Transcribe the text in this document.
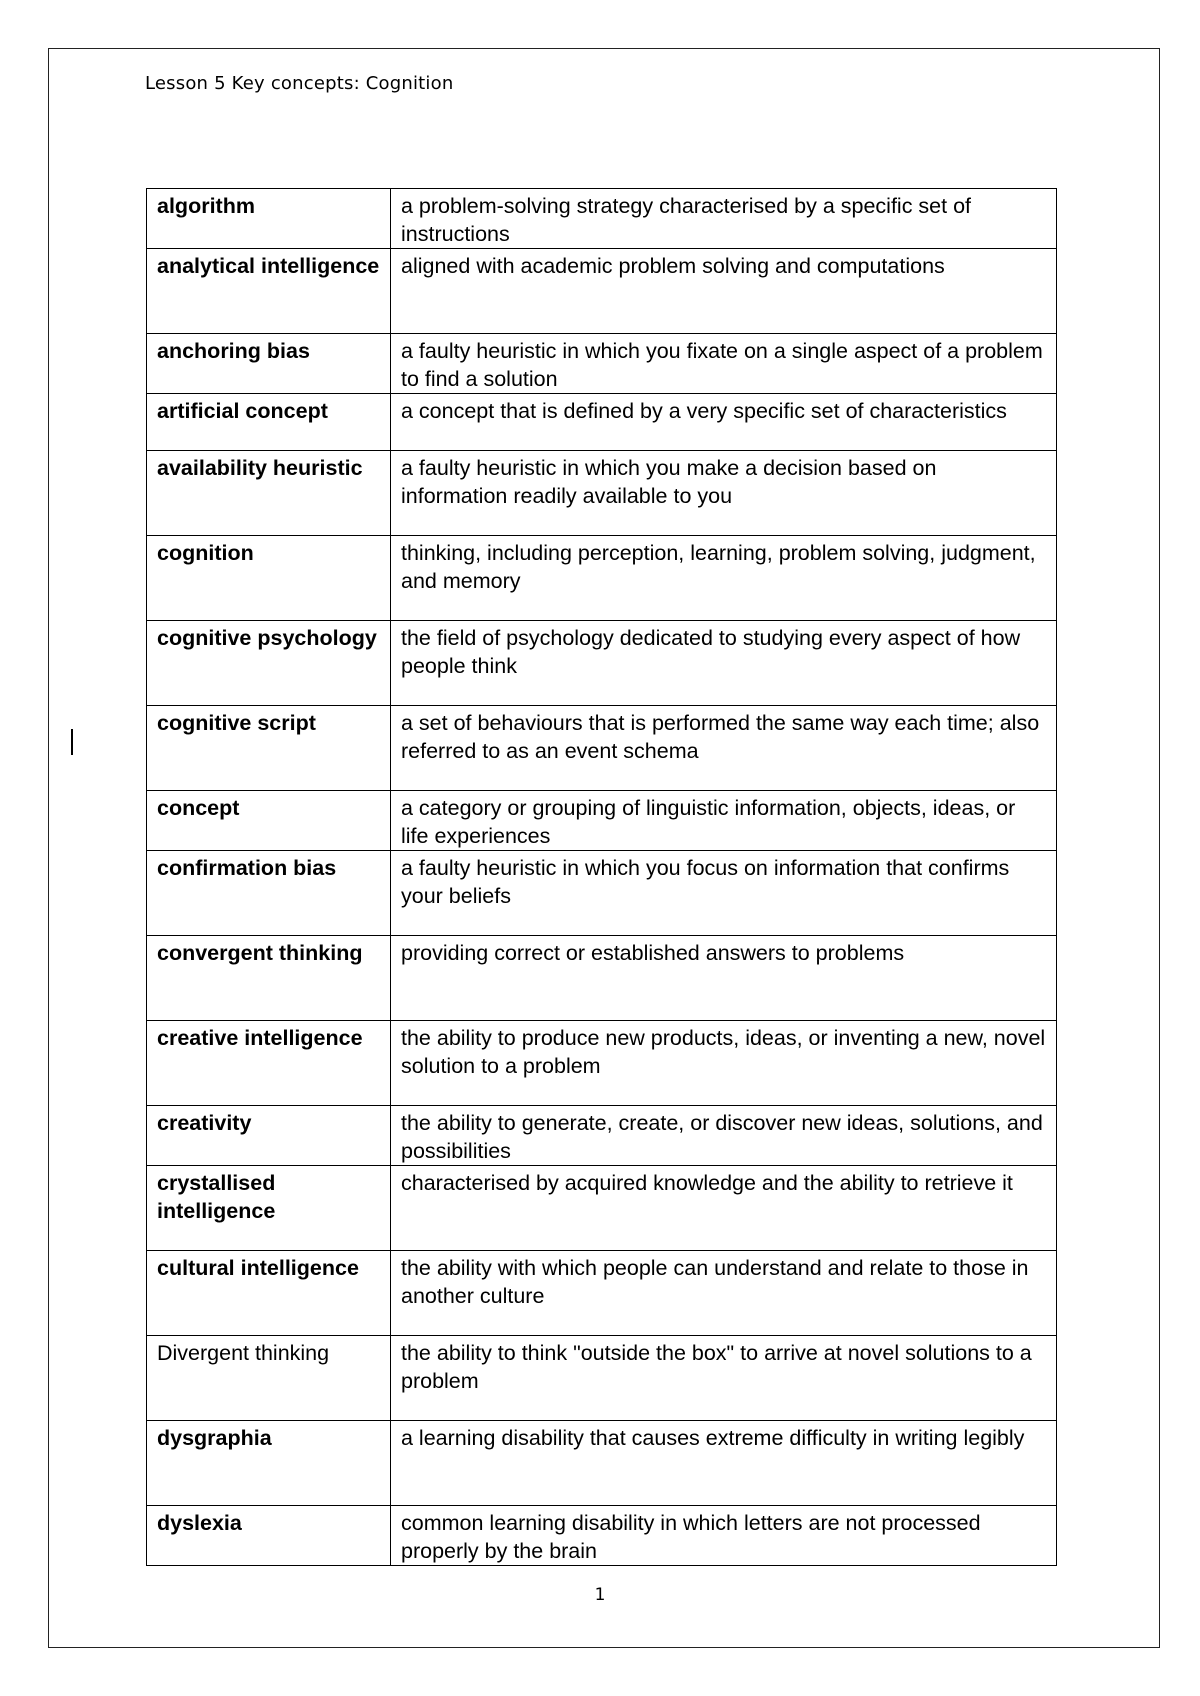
Lesson 5 Key concepts: Cognition
algorithm	a problem-solving strategy characterised by a specific set of instructions
analytical intelligence	aligned with academic problem solving and computations
anchoring bias	a faulty heuristic in which you fixate on a single aspect of a problem to find a solution
artificial concept	a concept that is defined by a very specific set of characteristics
availability heuristic	a faulty heuristic in which you make a decision based on information readily available to you
cognition	thinking, including perception, learning, problem solving, judgment, and memory
cognitive psychology	the field of psychology dedicated to studying every aspect of how people think
cognitive script	a set of behaviours that is performed the same way each time; also referred to as an event schema
concept	a category or grouping of linguistic information, objects, ideas, or life experiences
confirmation bias	a faulty heuristic in which you focus on information that confirms your beliefs
convergent thinking	providing correct or established answers to problems
creative intelligence	the ability to produce new products, ideas, or inventing a new, novel solution to a problem
creativity	the ability to generate, create, or discover new ideas, solutions, and possibilities
crystallised intelligence	characterised by acquired knowledge and the ability to retrieve it
cultural intelligence	the ability with which people can understand and relate to those in another culture
Divergent thinking	the ability to think "outside the box" to arrive at novel solutions to a problem
dysgraphia	a learning disability that causes extreme difficulty in writing legibly
dyslexia	common learning disability in which letters are not processed properly by the brain
1
